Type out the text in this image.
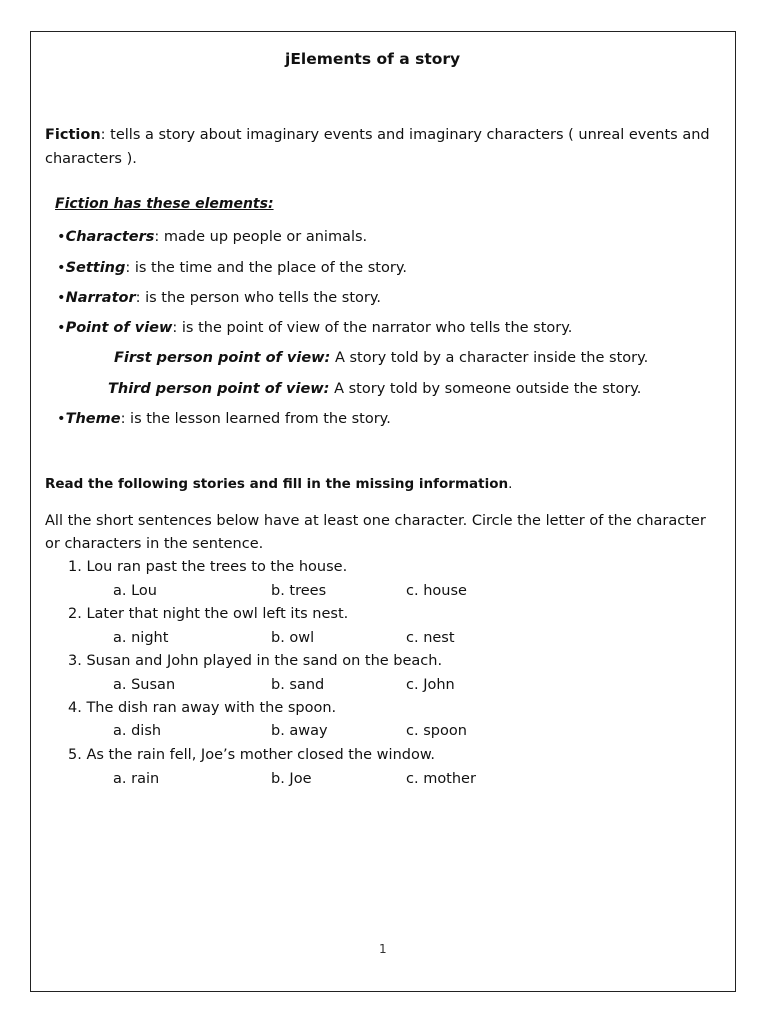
jElements of a story
Fiction: tells a story about imaginary events and imaginary characters ( unreal events and characters ).
Fiction has these elements:
•Characters: made up people or animals.
•Setting: is the time and the place of the story.
•Narrator: is the person who tells the story.
•Point of view: is the point of view of the narrator who tells the story.
First person point of view: A story told by a character inside the story.
Third person point of view: A story told by someone outside the story.
•Theme: is the lesson learned from the story.
Read the following stories and fill in the missing information.
All the short sentences below have at least one character. Circle the letter of the character or characters in the sentence.
1. Lou ran past the trees to the house.
a. Lou	b. trees	c. house
2. Later that night the owl left its nest.
a. night	b. owl	c. nest
3. Susan and John played in the sand on the beach.
a. Susan	b. sand	c. John
4. The dish ran away with the spoon.
a. dish	b. away	c. spoon
5. As the rain fell, Joe’s mother closed the window.
a. rain	b. Joe	c. mother
1
